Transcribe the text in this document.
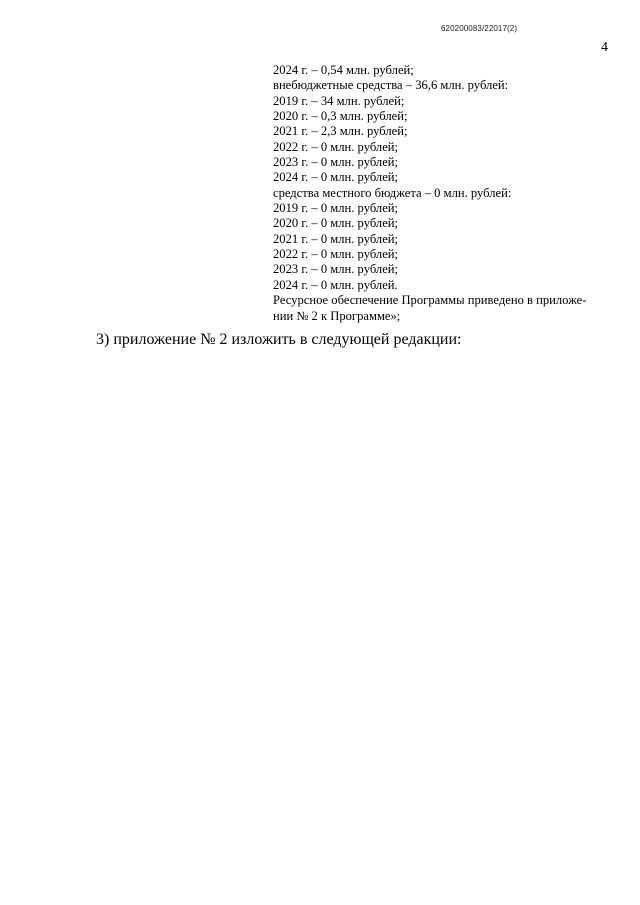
620200083/22017(2)
4
2024 г. – 0,54 млн. рублей;
внебюджетные средства – 36,6 млн. рублей:
2019 г. – 34 млн. рублей;
2020 г. – 0,3 млн. рублей;
2021 г. – 2,3 млн. рублей;
2022 г. – 0 млн. рублей;
2023 г. – 0 млн. рублей;
2024 г. – 0 млн. рублей;
средства местного бюджета – 0 млн. рублей:
2019 г. – 0 млн. рублей;
2020 г. – 0 млн. рублей;
2021 г. – 0 млн. рублей;
2022 г. – 0 млн. рублей;
2023 г. – 0 млн. рублей;
2024 г. – 0 млн. рублей.
Ресурсное обеспечение Программы приведено в приложе-
нии № 2 к Программе»;
3) приложение № 2 изложить в следующей редакции:
